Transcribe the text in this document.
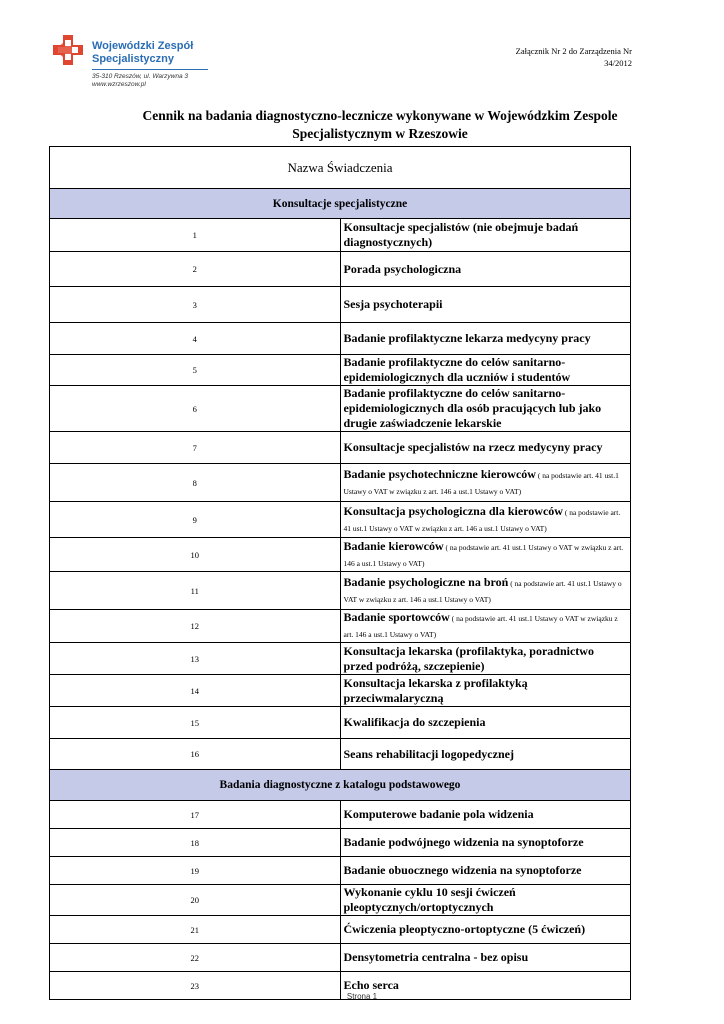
Wojewódzki Zespół
Specjalistyczny
35-310 Rzeszów, ul. Warzywna 3
www.wzrzeszow.pl
Załącznik Nr 2 do Zarządzenia Nr
34/2012
Cennik na badania diagnostyczno-lecznicze wykonywane w Wojewódzkim Zespole
Specjalistycznym w Rzeszowie
Nazwa Świadczenia	
Konsultacje specjalistyczne	
1	Konsultacje specjalistów (nie obejmuje badań diagnostycznych)
2	Porada psychologiczna
3	Sesja psychoterapii
4	Badanie profilaktyczne lekarza medycyny pracy
5	Badanie profilaktyczne do celów sanitarno-epidemiologicznych dla uczniów i studentów
6	Badanie profilaktyczne do celów sanitarno-epidemiologicznych dla osób pracujących lub jako drugie zaświadczenie lekarskie
7	Konsultacje specjalistów na rzecz medycyny pracy
8	Badanie psychotechniczne kierowców ( na podstawie art. 41 ust.1 Ustawy o VAT w związku z art. 146 a ust.1 Ustawy o VAT)
9	Konsultacja psychologiczna dla kierowców ( na podstawie art. 41 ust.1 Ustawy o VAT w związku z art. 146 a ust.1 Ustawy o VAT)
10	Badanie kierowców ( na podstawie art. 41 ust.1 Ustawy o VAT w związku z art. 146 a ust.1 Ustawy o VAT)
11	Badanie psychologiczne na broń ( na podstawie art. 41 ust.1 Ustawy o VAT w związku z art. 146 a ust.1 Ustawy o VAT)
12	Badanie sportowców ( na podstawie art. 41 ust.1 Ustawy o VAT w związku z art. 146 a ust.1 Ustawy o VAT)
13	Konsultacja lekarska (profilaktyka, poradnictwo przed podróżą, szczepienie)
14	Konsultacja lekarska z profilaktyką przeciwmalaryczną
15	Kwalifikacja do szczepienia
16	Seans rehabilitacji logopedycznej
Badania diagnostyczne z katalogu podstawowego	
17	Komputerowe badanie pola widzenia
18	Badanie podwójnego widzenia na synoptoforze
19	Badanie obuocznego widzenia na synoptoforze
20	Wykonanie cyklu 10 sesji ćwiczeń pleoptycznych/ortoptycznych
21	Ćwiczenia pleoptyczno-ortoptyczne (5 ćwiczeń)
22	Densytometria centralna - bez opisu
23	Echo serca
Strona 1
